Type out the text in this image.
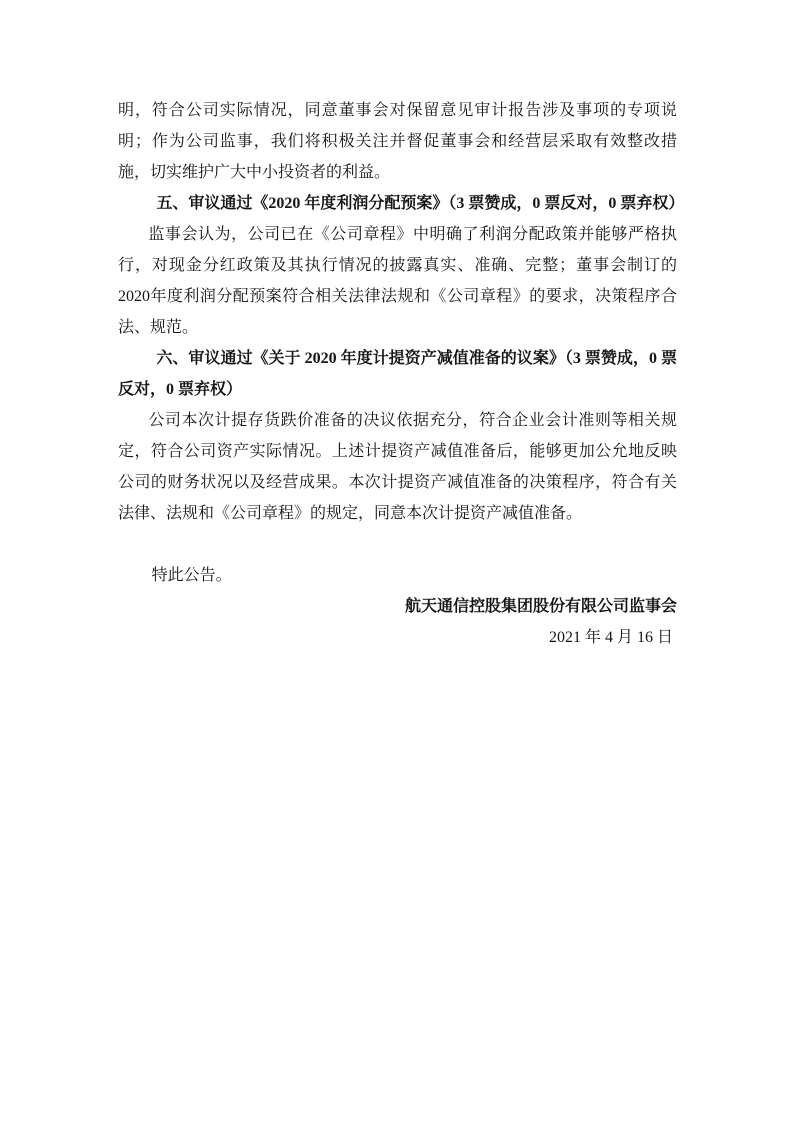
明，符合公司实际情况，同意董事会对保留意见审计报告涉及事项的专项说明；作为公司监事，我们将积极关注并督促董事会和经营层采取有效整改措施，切实维护广大中小投资者的利益。
五、审议通过《2020 年度利润分配预案》（3 票赞成，0 票反对，0 票弃权）
监事会认为，公司已在《公司章程》中明确了利润分配政策并能够严格执行，对现金分红政策及其执行情况的披露真实、准确、完整；董事会制订的2020年度利润分配预案符合相关法律法规和《公司章程》的要求，决策程序合法、规范。
六、审议通过《关于 2020 年度计提资产减值准备的议案》（3 票赞成，0 票反对，0 票弃权）
公司本次计提存货跌价准备的决议依据充分，符合企业会计准则等相关规定，符合公司资产实际情况。上述计提资产减值准备后，能够更加公允地反映公司的财务状况以及经营成果。本次计提资产减值准备的决策程序，符合有关法律、法规和《公司章程》的规定，同意本次计提资产减值准备。
特此公告。
航天通信控股集团股份有限公司监事会
2021 年 4 月 16 日
